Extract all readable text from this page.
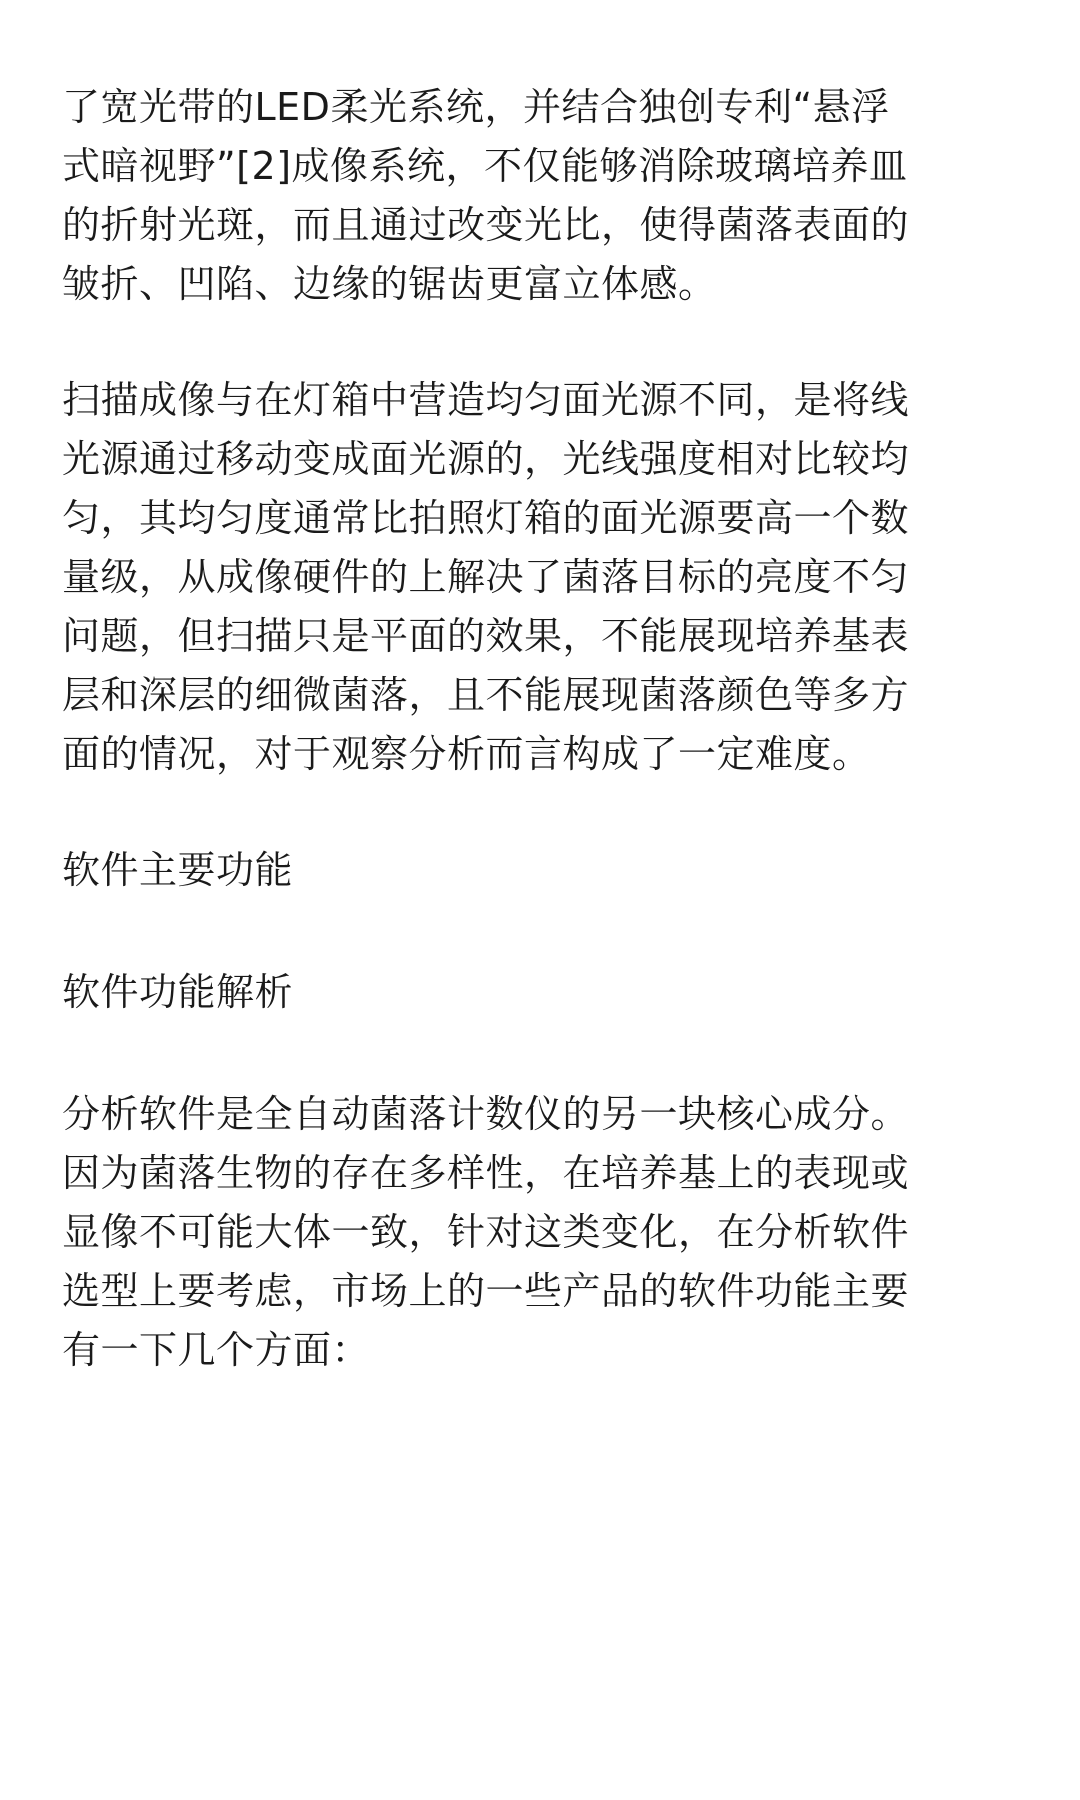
了宽光带的LED柔光系统，并结合独创专利“悬浮
式暗视野”[2]成像系统，不仅能够消除玻璃培养皿
的折射光斑，而且通过改变光比，使得菌落表面的
皱折、凹陷、边缘的锯齿更富立体感。
扫描成像与在灯箱中营造均匀面光源不同，是将线
光源通过移动变成面光源的，光线强度相对比较均
匀，其均匀度通常比拍照灯箱的面光源要高一个数
量级，从成像硬件的上解决了菌落目标的亮度不匀
问题，但扫描只是平面的效果，不能展现培养基表
层和深层的细微菌落，且不能展现菌落颜色等多方
面的情况，对于观察分析而言构成了一定难度。
软件主要功能
软件功能解析
分析软件是全自动菌落计数仪的另一块核心成分。
因为菌落生物的存在多样性，在培养基上的表现或
显像不可能大体一致，针对这类变化，在分析软件
选型上要考虑，市场上的一些产品的软件功能主要
有一下几个方面：
